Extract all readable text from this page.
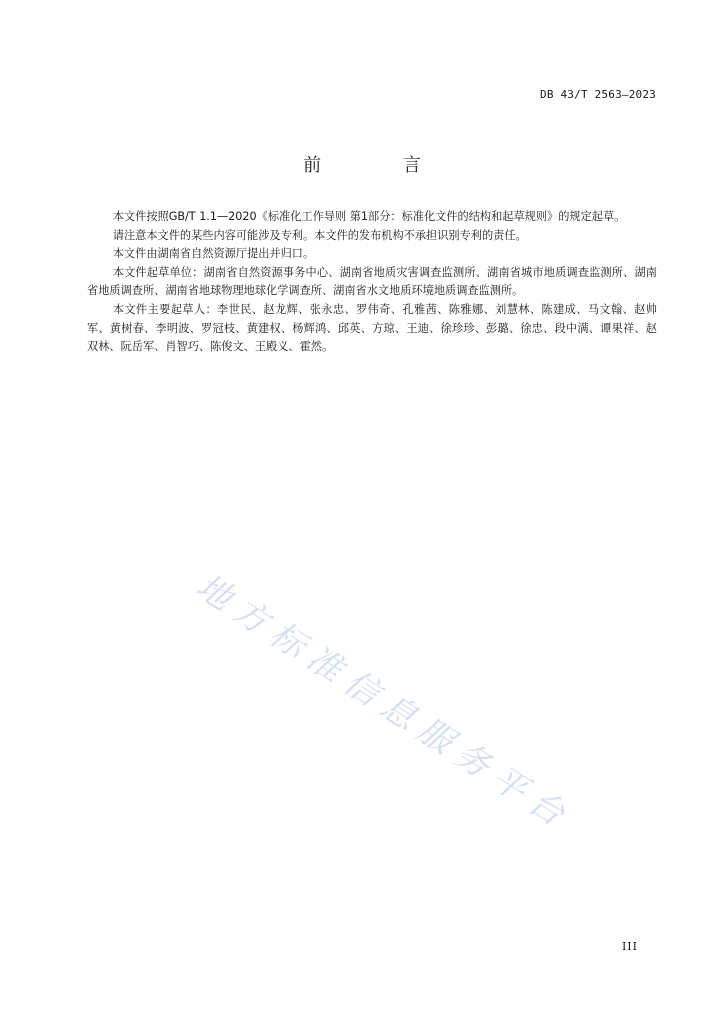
DB 43/T 2563—2023
前 言

本文件按照GB/T 1.1—2020《标准化工作导则 第1部分：标准化文件的结构和起草规则》的规定起草。

请注意本文件的某些内容可能涉及专利。本文件的发布机构不承担识别专利的责任。

本文件由湖南省自然资源厅提出并归口。

本文件起草单位：湖南省自然资源事务中心、湖南省地质灾害调查监测所、湖南省城市地质调查监测所、湖南省地质调查所、湖南省地球物理地球化学调查所、湖南省水文地质环境地质调查监测所。

本文件主要起草人：李世民、赵龙辉、张永忠、罗伟奇、孔雅茜、陈雅娜、刘慧林、陈建成、马文翰、赵帅军、黄树春、李明波、罗冠枝、黄建权、杨辉鸿、邱英、方琼、王迪、徐珍珍、彭璐、徐忠、段中满、谭果祥、赵双林、阮岳军、肖智巧、陈俊文、王殿义、霍然。

地方标准信息服务平台
III
